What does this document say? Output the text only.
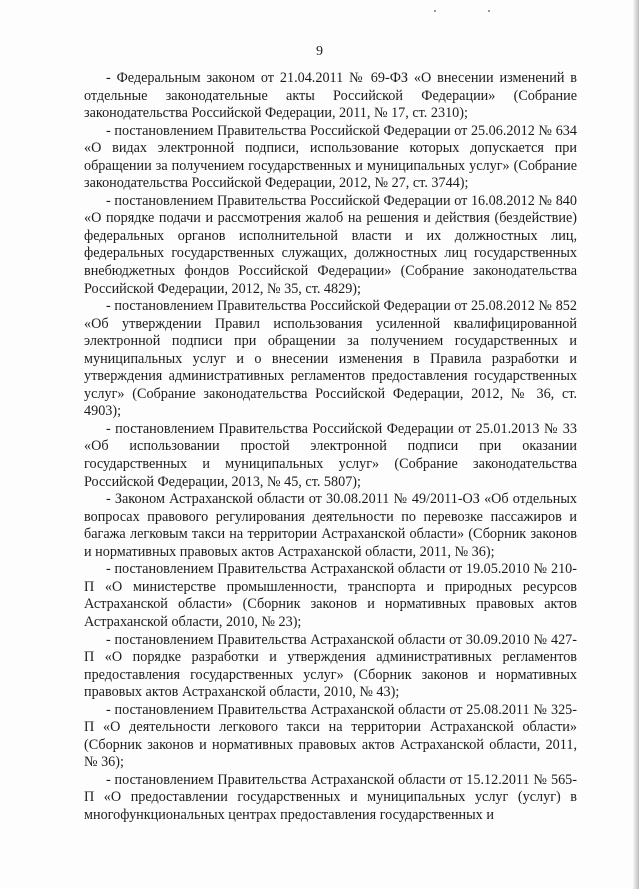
9

- Федеральным законом от 21.04.2011 № 69-ФЗ «О внесении изменений в отдельные законодательные акты Российской Федерации» (Собрание законодательства Российской Федерации, 2011, № 17, ст. 2310);

- постановлением Правительства Российской Федерации от 25.06.2012 № 634 «О видах электронной подписи, использование которых допускается при обращении за получением государственных и муниципальных услуг» (Собрание законодательства Российской Федерации, 2012, № 27, ст. 3744);

- постановлением Правительства Российской Федерации от 16.08.2012 № 840 «О порядке подачи и рассмотрения жалоб на решения и действия (бездействие) федеральных органов исполнительной власти и их должностных лиц, федеральных государственных служащих, должностных лиц государственных внебюджетных фондов Российской Федерации» (Собрание законодательства Российской Федерации, 2012, № 35, ст. 4829);

- постановлением Правительства Российской Федерации от 25.08.2012 № 852 «Об утверждении Правил использования усиленной квалифицированной электронной подписи при обращении за получением государственных и муниципальных услуг и о внесении изменения в Правила разработки и утверждения административных регламентов предоставления государственных услуг» (Собрание законодательства Российской Федерации, 2012, № 36, ст. 4903);

- постановлением Правительства Российской Федерации от 25.01.2013 № 33 «Об использовании простой электронной подписи при оказании государственных и муниципальных услуг» (Собрание законодательства Российской Федерации, 2013, № 45, ст. 5807);

- Законом Астраханской области от 30.08.2011 № 49/2011-ОЗ «Об отдельных вопросах правового регулирования деятельности по перевозке пассажиров и багажа легковым такси на территории Астраханской области» (Сборник законов и нормативных правовых актов Астраханской области, 2011, № 36);

- постановлением Правительства Астраханской области от 19.05.2010 № 210-П «О министерстве промышленности, транспорта и природных ресурсов Астраханской области» (Сборник законов и нормативных правовых актов Астраханской области, 2010, № 23);

- постановлением Правительства Астраханской области от 30.09.2010 № 427-П «О порядке разработки и утверждения административных регламентов предоставления государственных услуг» (Сборник законов и нормативных правовых актов Астраханской области, 2010, № 43);

- постановлением Правительства Астраханской области от 25.08.2011 № 325-П «О деятельности легкового такси на территории Астраханской области» (Сборник законов и нормативных правовых актов Астраханской области, 2011, № 36);

- постановлением Правительства Астраханской области от 15.12.2011 № 565-П «О предоставлении государственных и муниципальных услуг (услуг) в многофункциональных центрах предоставления государственных и
